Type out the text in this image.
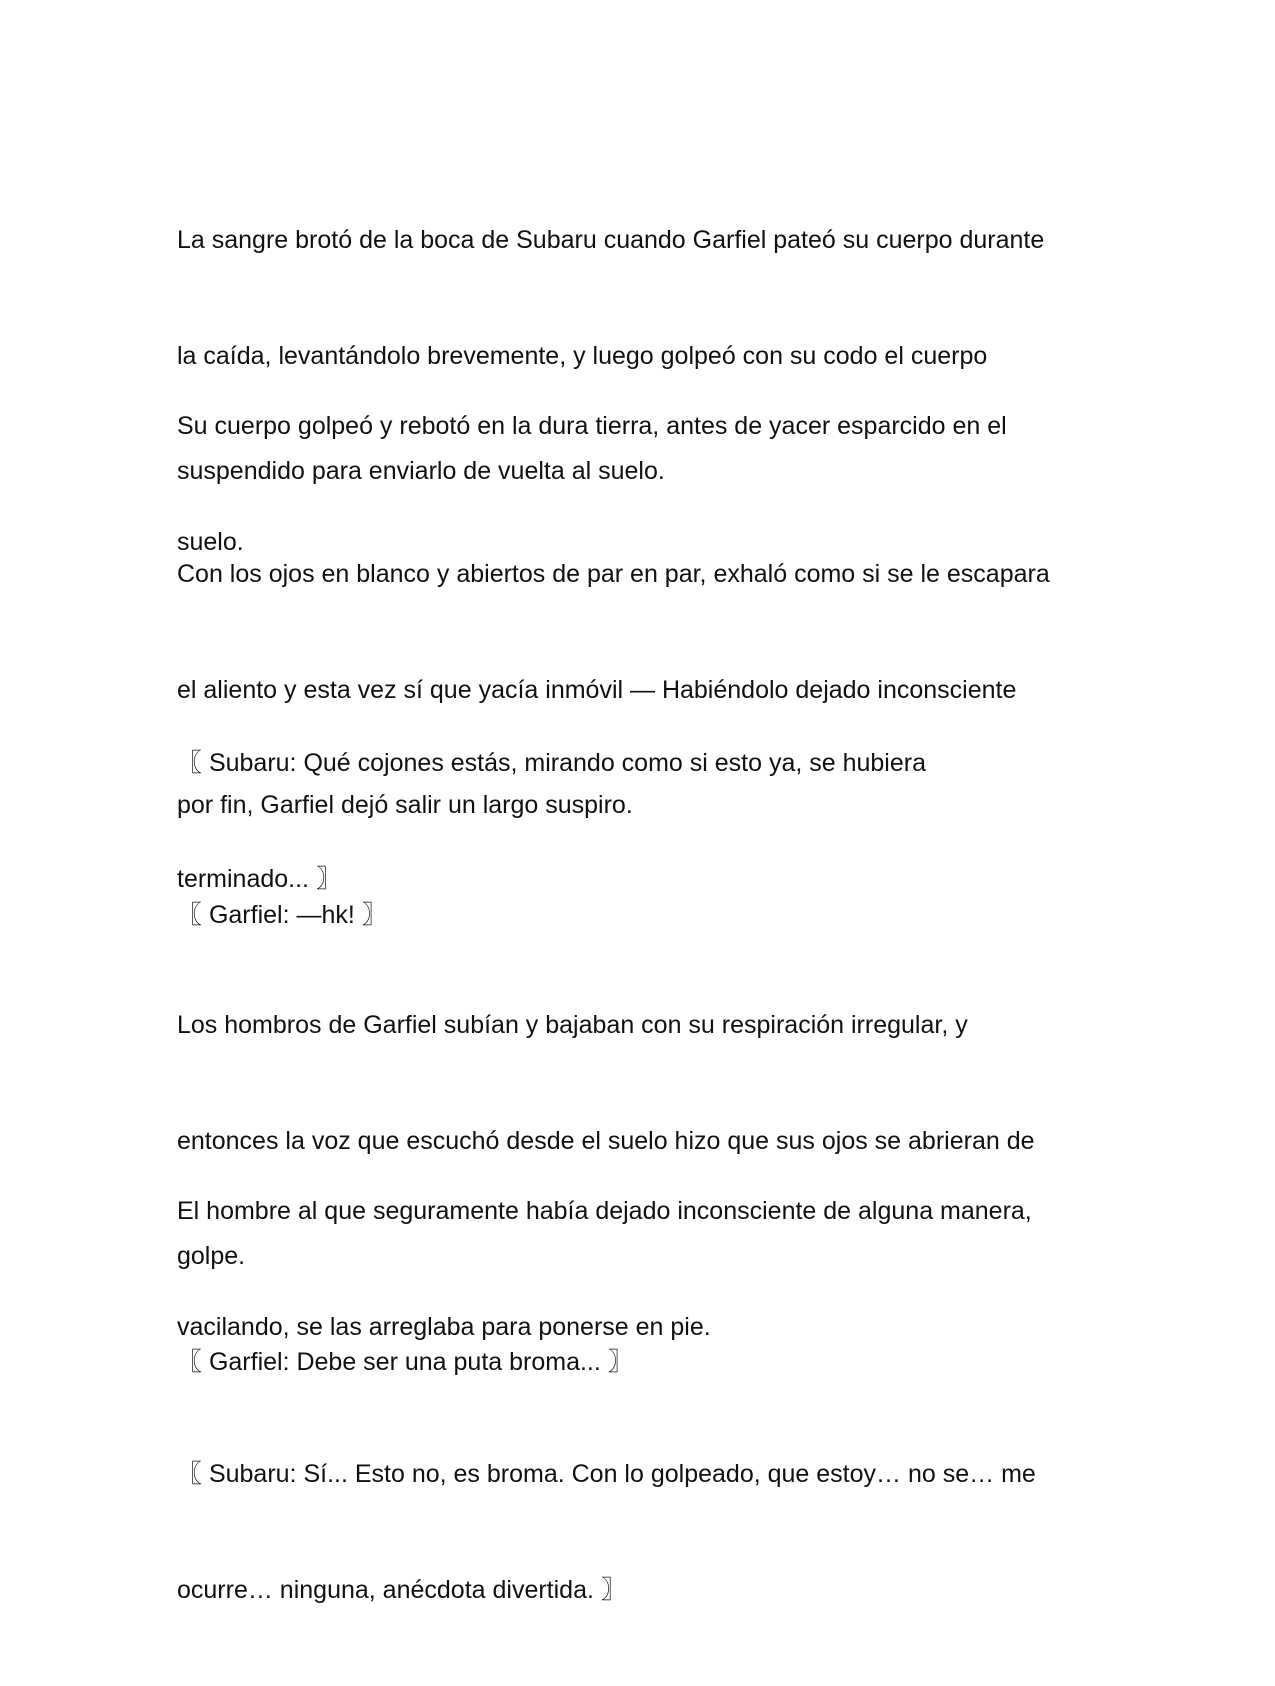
La sangre brotó de la boca de Subaru cuando Garfiel pateó su cuerpo durante

la caída, levantándolo brevemente, y luego golpeó con su codo el cuerpo

suspendido para enviarlo de vuelta al suelo.

Su cuerpo golpeó y rebotó en la dura tierra, antes de yacer esparcido en el

suelo.

Con los ojos en blanco y abiertos de par en par, exhaló como si se le escapara

el aliento y esta vez sí que yacía inmóvil — Habiéndolo dejado inconsciente

por fin, Garfiel dejó salir un largo suspiro.

〖 Subaru: Qué cojones estás, mirando como si esto ya, se hubiera

terminado... 〗

〖 Garfiel: —hk! 〗

Los hombros de Garfiel subían y bajaban con su respiración irregular, y

entonces la voz que escuchó desde el suelo hizo que sus ojos se abrieran de

golpe.

El hombre al que seguramente había dejado inconsciente de alguna manera,

vacilando, se las arreglaba para ponerse en pie.

〖 Garfiel: Debe ser una puta broma... 〗

〖 Subaru: Sí... Esto no, es broma. Con lo golpeado, que estoy… no se… me

ocurre… ninguna, anécdota divertida. 〗
